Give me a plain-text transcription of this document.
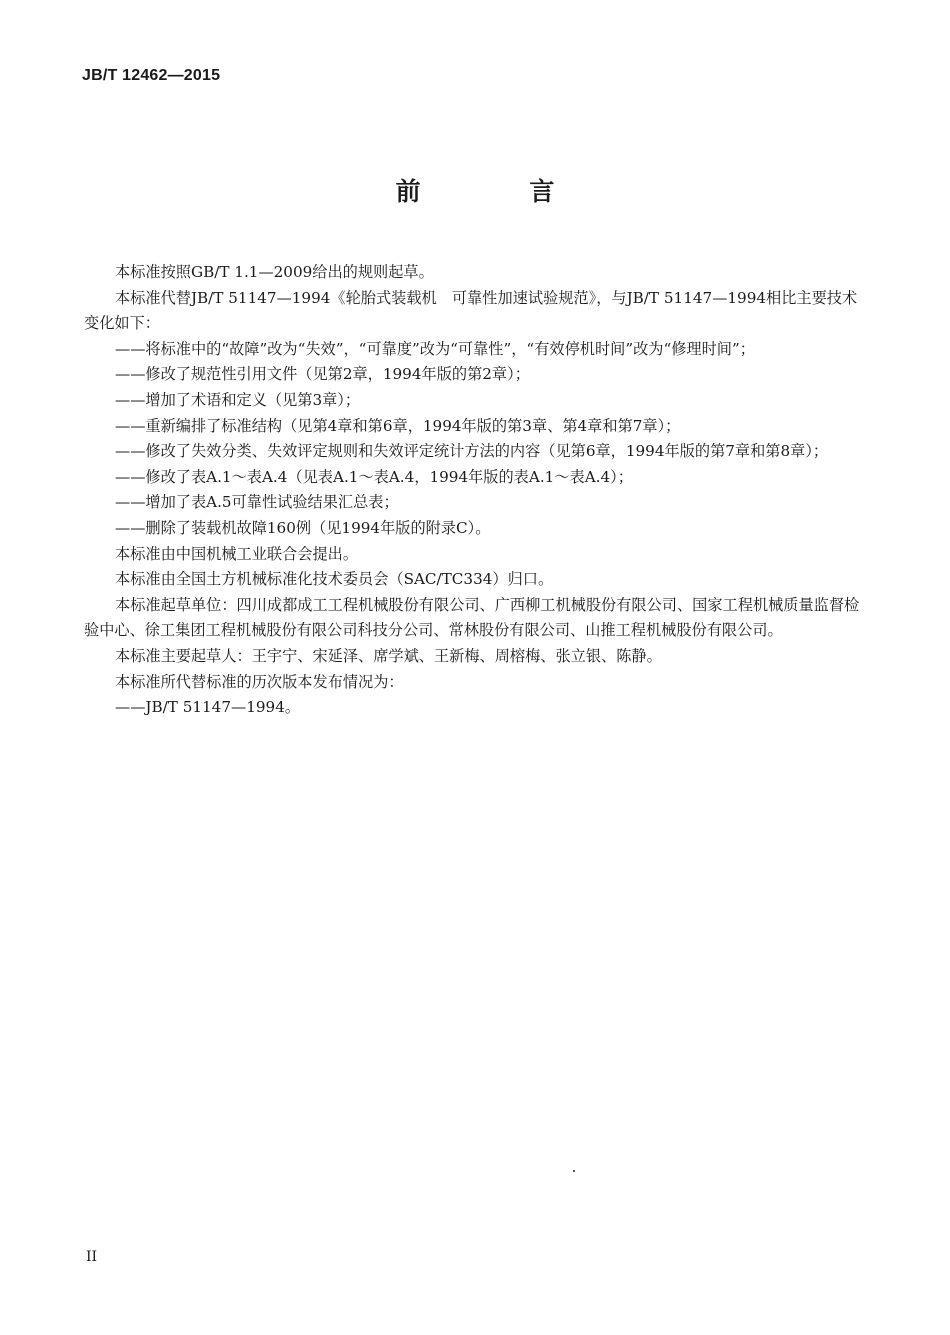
JB/T 12462—2015
前 言

本标准按照GB/T 1.1—2009给出的规则起草。

本标准代替JB/T 51147—1994《轮胎式装载机　可靠性加速试验规范》，与JB/T 51147—1994相比主要技术变化如下：

——将标准中的“故障”改为“失效”，“可靠度”改为“可靠性”，“有效停机时间”改为“修理时间”；

——修改了规范性引用文件（见第2章，1994年版的第2章）；

——增加了术语和定义（见第3章）；

——重新编排了标准结构（见第4章和第6章，1994年版的第3章、第4章和第7章）；

——修改了失效分类、失效评定规则和失效评定统计方法的内容（见第6章，1994年版的第7章和第8章）；

——修改了表A.1～表A.4（见表A.1～表A.4，1994年版的表A.1～表A.4）；

——增加了表A.5可靠性试验结果汇总表；

——删除了装载机故障160例（见1994年版的附录C）。

本标准由中国机械工业联合会提出。

本标准由全国土方机械标准化技术委员会（SAC/TC334）归口。

本标准起草单位：四川成都成工工程机械股份有限公司、广西柳工机械股份有限公司、国家工程机械质量监督检验中心、徐工集团工程机械股份有限公司科技分公司、常林股份有限公司、山推工程机械股份有限公司。

本标准主要起草人：王宇宁、宋延泽、席学斌、王新梅、周榕梅、张立银、陈静。

本标准所代替标准的历次版本发布情况为：

——JB/T 51147—1994。

II
